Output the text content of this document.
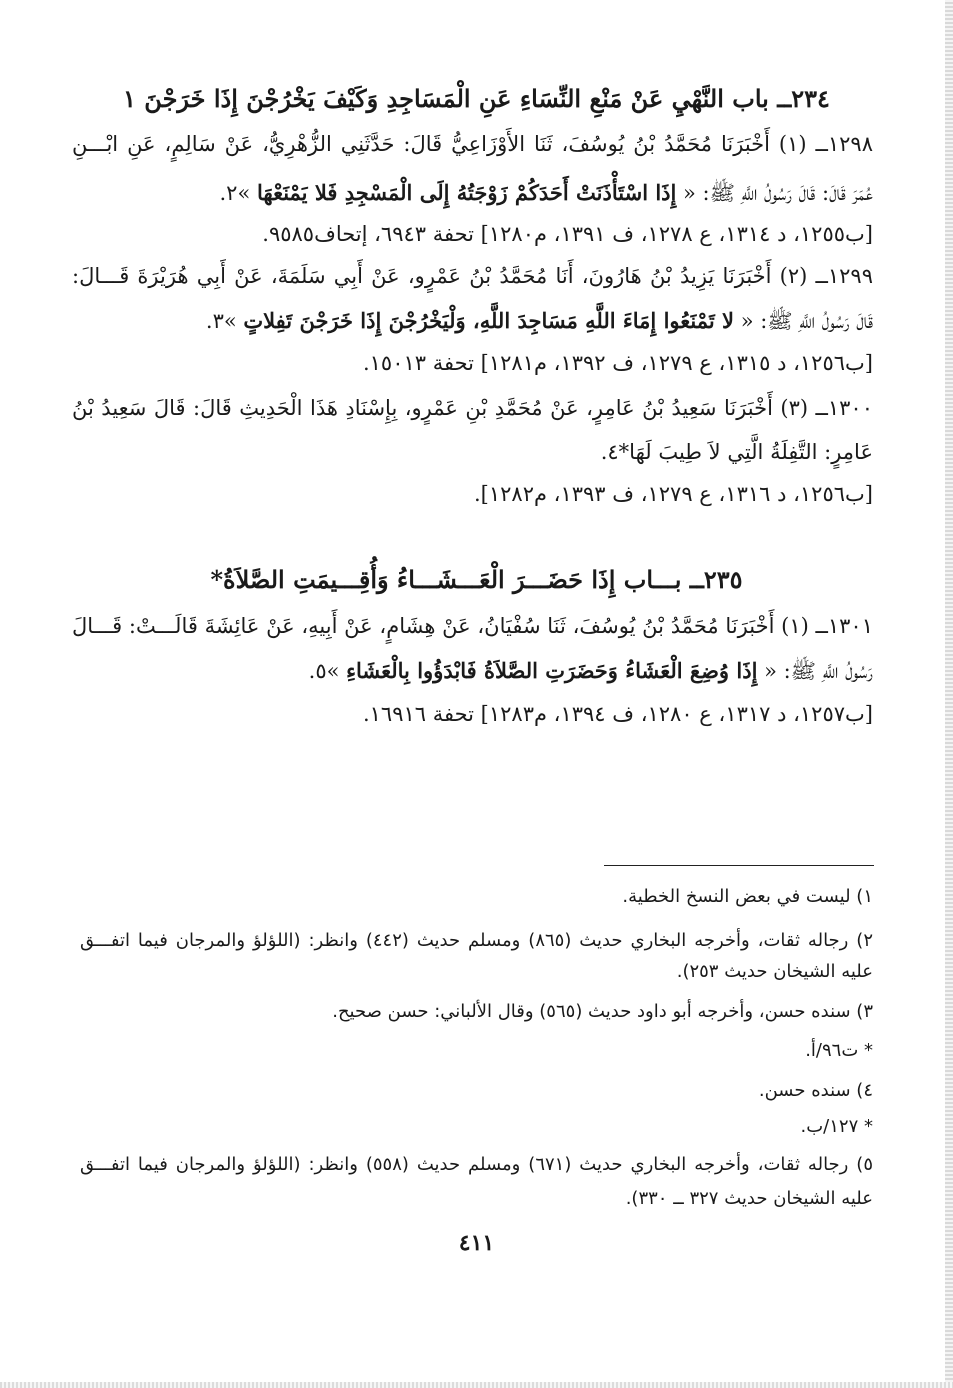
٢٣٤ــ باب النَّهْيِ عَنْ مَنْعِ النِّسَاءِ عَنِ الْمَسَاجِدِ وَكَيْفَ يَخْرُجْنَ إِذَا خَرَجْنَ ١
١٢٩٨ــ (١) أَخْبَرَنَا مُحَمَّدُ بْنُ يُوسُفَ، ثَنَا الأَوْزَاعِيُّ قَالَ: حَدَّثَنِي الزُّهْرِيُّ، عَنْ سَالِمٍ، عَنِ ابْـــنِ
عُمَرَ قَالَ: قَالَ رَسُولُ اللَّهِ ﷺ: « إِذَا اسْتَأْذَنَتْ أَحَدَكُمْ زَوْجَتُهُ إِلَى الْمَسْجِدِ فَلا يَمْنَعْهَا »٢.
[ب١٢٥٥، د ١٣١٤، ع ١٢٧٨، ف ١٣٩١، م١٢٨٠] تحفة ٦٩٤٣، إتحاف٩٥٨٥.
١٢٩٩ــ (٢) أَخْبَرَنَا يَزِيدُ بْنُ هَارُونَ، أَنَا مُحَمَّدُ بْنُ عَمْرٍو، عَنْ أَبِي سَلَمَةَ، عَنْ أَبِي هُرَيْرَةَ قَـــالَ:
قَالَ رَسُولُ اللَّهِ ﷺ: « لا تَمْنَعُوا إِمَاءَ اللَّهِ مَسَاجِدَ اللَّهِ، وَلْيَخْرُجْنَ إِذَا خَرَجْنَ تَفِلاتٍ »٣.
[ب١٢٥٦، د ١٣١٥، ع ١٢٧٩، ف ١٣٩٢، م١٢٨١] تحفة ١٥٠١٣.
١٣٠٠ــ (٣) أَخْبَرَنَا سَعِيدُ بْنُ عَامِرٍ، عَنْ مُحَمَّدِ بْنِ عَمْرٍو، بِإِسْنَادِ هَذَا الْحَدِيثِ قَالَ: قَالَ سَعِيدُ بْنُ
عَامِرٍ: التَّفِلَةُ الَّتِي لاَ طِيبَ لَهَا*٤.
[ب١٢٥٦، د ١٣١٦، ع ١٢٧٩، ف ١٣٩٣، م١٢٨٢].
٢٣٥ــ بـــاب إِذَا حَضَـــرَ الْعَـــشَـــاءُ وَأُقِـــيمَتِ الصَّلاَةُ*
١٣٠١ــ (١) أَخْبَرَنَا مُحَمَّدُ بْنُ يُوسُفَ، ثَنَا سُفْيَانُ، عَنْ هِشَامٍ، عَنْ أَبِيهِ، عَنْ عَائِشَةَ قَالَـــتْ: قَـــالَ
رَسُولُ اللَّهِ ﷺ: « إِذَا وُضِعَ الْعَشَاءُ وَحَضَرَتِ الصَّلاَةُ فَابْدَؤُوا بِالْعَشَاءِ »٥.
[ب١٢٥٧، د ١٣١٧، ع ١٢٨٠، ف ١٣٩٤، م١٢٨٣] تحفة ١٦٩١٦.
١) ليست في بعض النسخ الخطية.
٢) رجاله ثقات، وأخرجه البخاري حديث (٨٦٥) ومسلم حديث (٤٤٢) وانظر: (اللؤلؤ والمرجان فيما اتفـــق
عليه الشيخان حديث ٢٥٣).
٣) سنده حسن، وأخرجه أبو داود حديث (٥٦٥) وقال الألباني: حسن صحيح.
* ت٩٦/أ.
٤) سنده حسن.
* ١٢٧/ب.
٥) رجاله ثقات، وأخرجه البخاري حديث (٦٧١) ومسلم حديث (٥٥٨) وانظر: (اللؤلؤ والمرجان فيما اتفـــق
عليه الشيخان حديث ٣٢٧ ــ ٣٣٠).
٤١١
